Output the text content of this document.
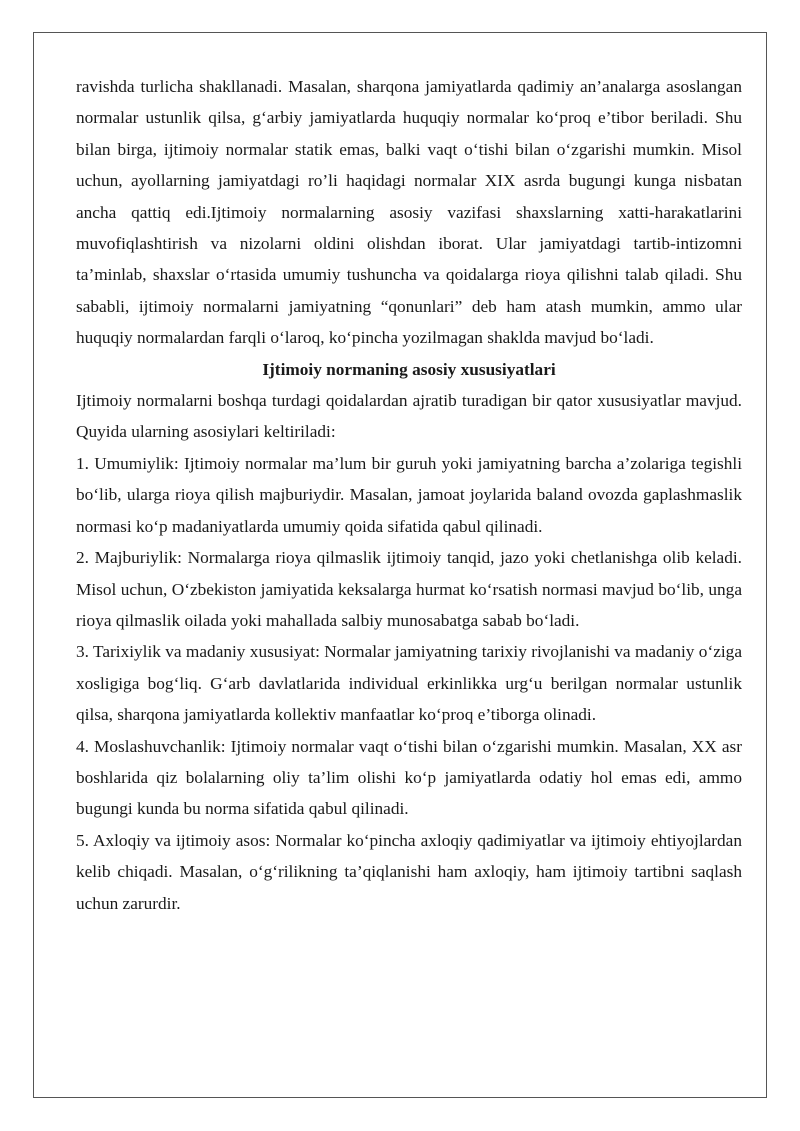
ravishda turlicha shakllanadi. Masalan, sharqona jamiyatlarda qadimiy an’analarga asoslangan normalar ustunlik qilsa, g‘arbiy jamiyatlarda huquqiy normalar ko‘proq e’tibor beriladi. Shu bilan birga, ijtimoiy normalar statik emas, balki vaqt o‘tishi bilan o‘zgarishi mumkin. Misol uchun, ayollarning jamiyatdagi ro’li haqidagi normalar XIX asrda bugungi kunga nisbatan ancha qattiq edi.Ijtimoiy normalarning asosiy vazifasi shaxslarning xatti-harakatlarini muvofiqlashtirish va nizolarni oldini olishdan iborat. Ular jamiyatdagi tartib-intizomni ta’minlab, shaxslar o‘rtasida umumiy tushuncha va qoidalarga rioya qilishni talab qiladi. Shu sababli, ijtimoiy normalarni jamiyatning “qonunlari” deb ham atash mumkin, ammo ular huquqiy normalardan farqli o‘laroq, ko‘pincha yozilmagan shaklda mavjud bo‘ladi.

Ijtimoiy normaning asosiy xususiyatlari

Ijtimoiy normalarni boshqa turdagi qoidalardan ajratib turadigan bir qator xususiyatlar mavjud. Quyida ularning asosiylari keltiriladi:

1. Umumiylik: Ijtimoiy normalar ma’lum bir guruh yoki jamiyatning barcha a’zolariga tegishli bo‘lib, ularga rioya qilish majburiydir. Masalan, jamoat joylarida baland ovozda gaplashmaslik normasi ko‘p madaniyatlarda umumiy qoida sifatida qabul qilinadi.

2. Majburiylik: Normalarga rioya qilmaslik ijtimoiy tanqid, jazo yoki chetlanishga olib keladi. Misol uchun, O‘zbekiston jamiyatida keksalarga hurmat ko‘rsatish normasi mavjud bo‘lib, unga rioya qilmaslik oilada yoki mahallada salbiy munosabatga sabab bo‘ladi.

3. Tarixiylik va madaniy xususiyat: Normalar jamiyatning tarixiy rivojlanishi va madaniy o‘ziga xosligiga bog‘liq. G‘arb davlatlarida individual erkinlikka urg‘u berilgan normalar ustunlik qilsa, sharqona jamiyatlarda kollektiv manfaatlar ko‘proq e’tiborga olinadi.

4. Moslashuvchanlik: Ijtimoiy normalar vaqt o‘tishi bilan o‘zgarishi mumkin. Masalan, XX asr boshlarida qiz bolalarning oliy ta’lim olishi ko‘p jamiyatlarda odatiy hol emas edi, ammo bugungi kunda bu norma sifatida qabul qilinadi.

5. Axloqiy va ijtimoiy asos: Normalar ko‘pincha axloqiy qadimiyatlar va ijtimoiy ehtiyojlardan kelib chiqadi. Masalan, o‘g‘rilikning ta’qiqlanishi ham axloqiy, ham ijtimoiy tartibni saqlash uchun zarurdir.
